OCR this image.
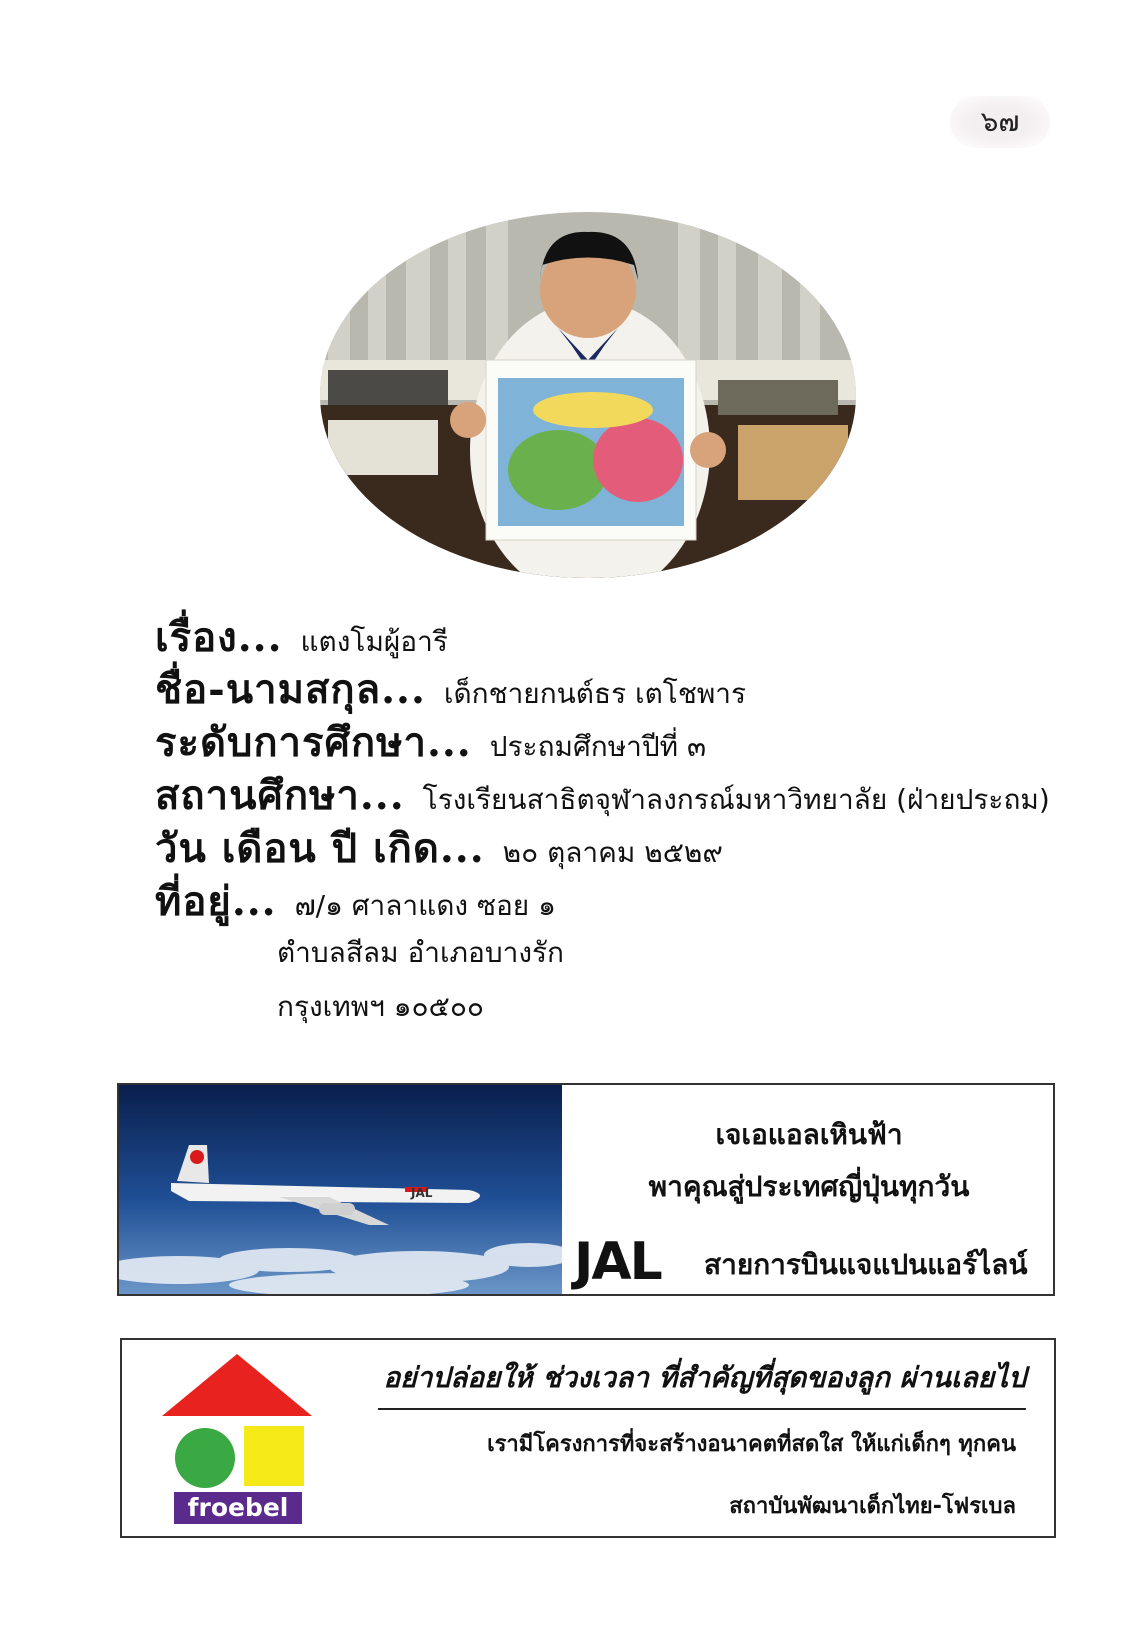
๖๗
เรื่อง... แตงโมผู้อารี
ชื่อ-นามสกุล... เด็กชายกนต์ธร เตโชพาร
ระดับการศึกษา... ประถมศึกษาปีที่ ๓
สถานศึกษา... โรงเรียนสาธิตจุฬาลงกรณ์มหาวิทยาลัย (ฝ่ายประถม)
วัน เดือน ปี เกิด... ๒๐ ตุลาคม ๒๕๒๙
ที่อยู่... ๗/๑ ศาลาแดง ซอย ๑
ตำบลสีลม อำเภอบางรัก
กรุงเทพฯ ๑๐๕๐๐
JAL
เจเอแอลเหินฟ้า
พาคุณสู่ประเทศญี่ปุ่นทุกวัน
JAL สายการบินแจแปนแอร์ไลน์
froebel
อย่าปล่อยให้ ช่วงเวลา ที่สำคัญที่สุดของลูก ผ่านเลยไป
เรามีโครงการที่จะสร้างอนาคตที่สดใส ให้แก่เด็กๆ ทุกคน
สถาบันพัฒนาเด็กไทย-โฟรเบล
